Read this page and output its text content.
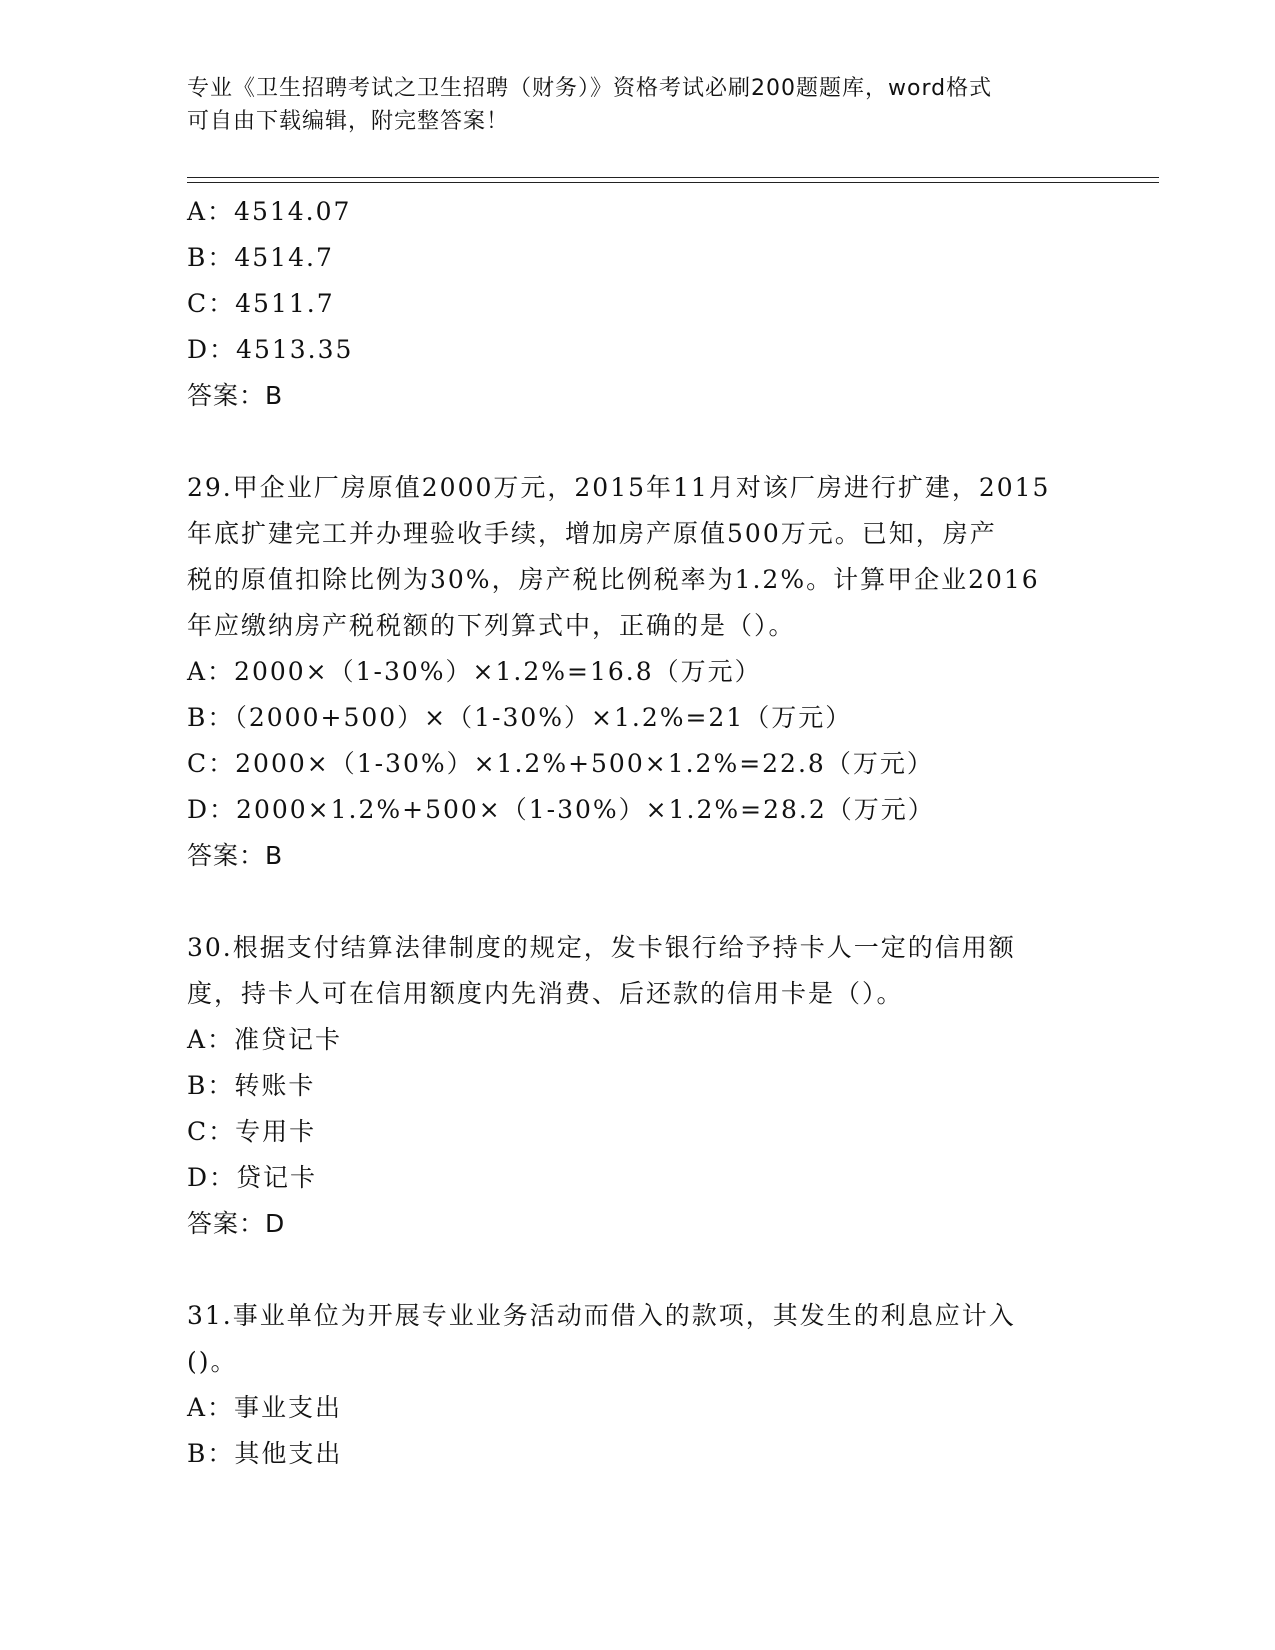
专业《卫生招聘考试之卫生招聘（财务）》资格考试必刷200题题库，word格式
可自由下载编辑，附完整答案！
A：4514.07
B：4514.7
C：4511.7
D：4513.35
答案：B
29.甲企业厂房原值2000万元，2015年11月对该厂房进行扩建，2015
年底扩建完工并办理验收手续，增加房产原值500万元。已知，房产
税的原值扣除比例为30%，房产税比例税率为1.2%。计算甲企业2016
年应缴纳房产税税额的下列算式中，正确的是（）。
A：2000×（1-30%）×1.2%=16.8（万元）
B：（2000+500）×（1-30%）×1.2%=21（万元）
C：2000×（1-30%）×1.2%+500×1.2%=22.8（万元）
D：2000×1.2%+500×（1-30%）×1.2%=28.2（万元）
答案：B
30.根据支付结算法律制度的规定，发卡银行给予持卡人一定的信用额
度，持卡人可在信用额度内先消费、后还款的信用卡是（）。
A：准贷记卡
B：转账卡
C：专用卡
D：贷记卡
答案：D
31.事业单位为开展专业业务活动而借入的款项，其发生的利息应计入
()。
A：事业支出
B：其他支出
